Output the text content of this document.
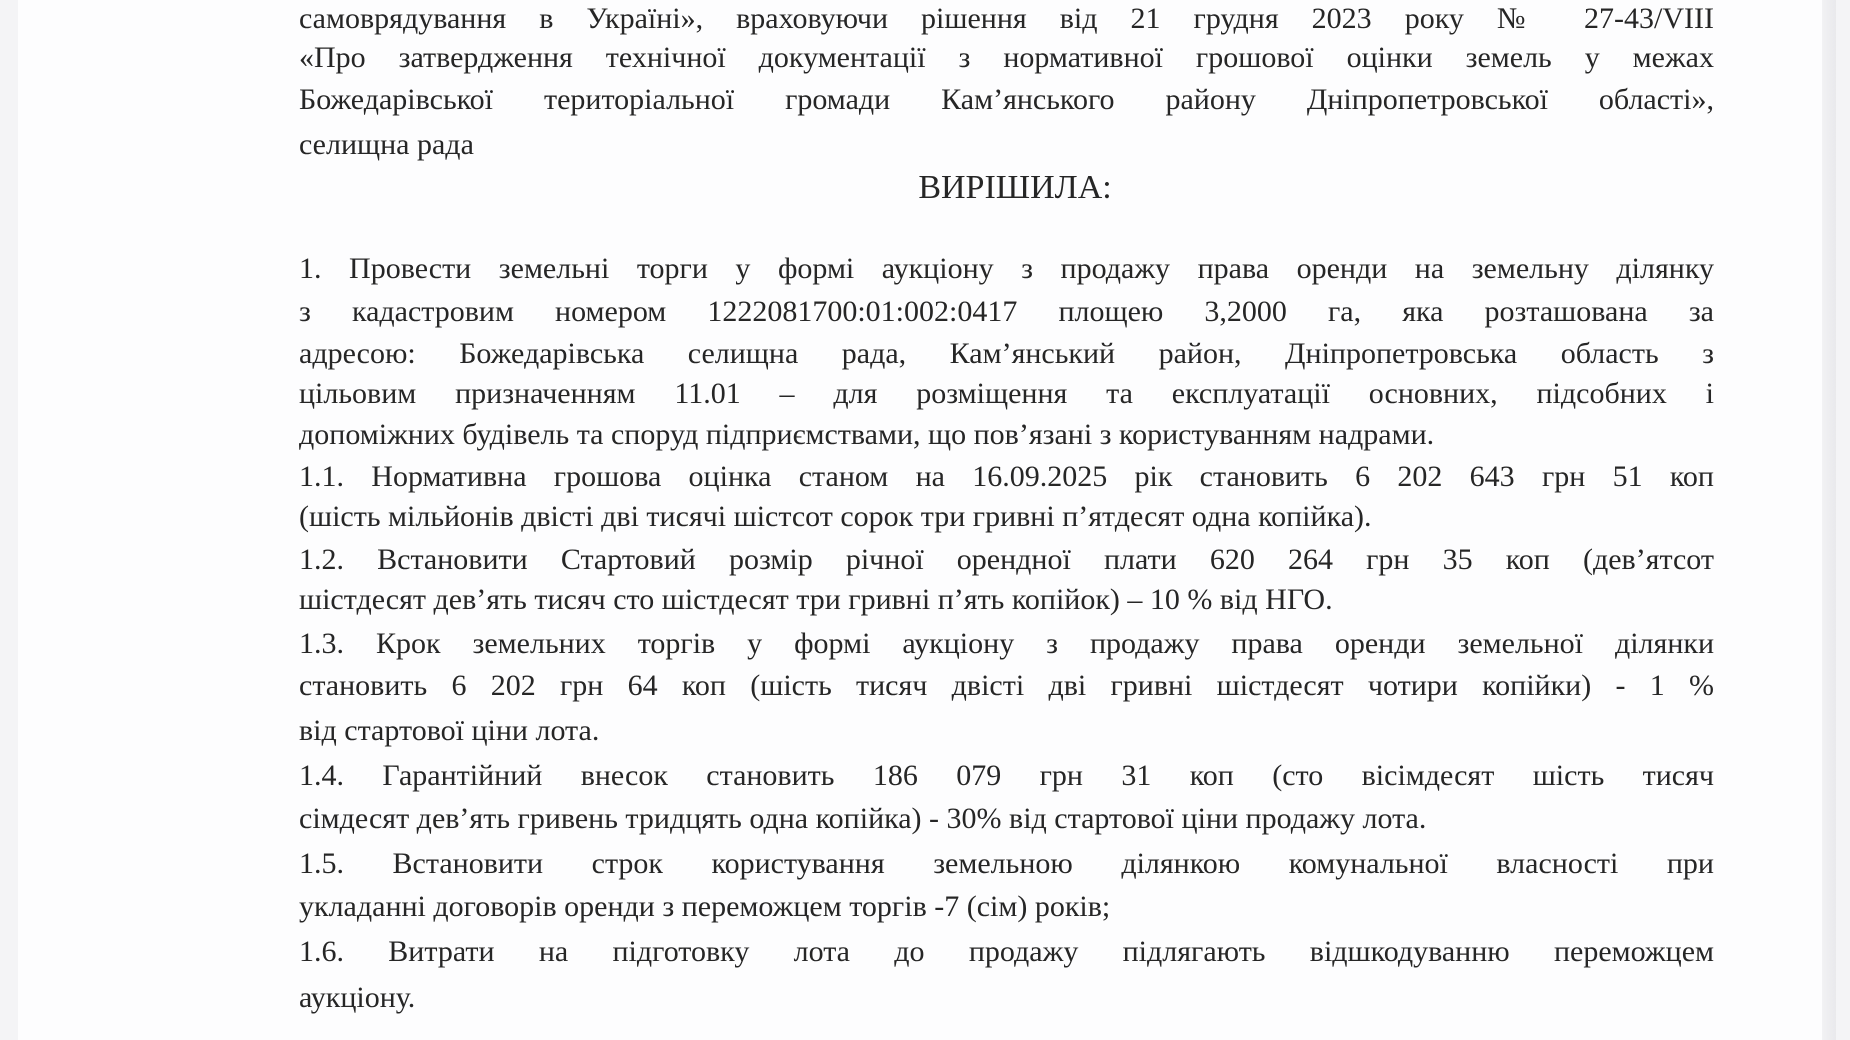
ВИРІШИЛА:
самоврядування в Україні», враховуючи рішення від 21 грудня 2023 року № 27-43/VIII
«Про затвердження технічної документації з нормативної грошової оцінки земель у межах
Божедарівської територіальної громади Кам’янського району Дніпропетровської області»,
селищна рада
1. Провести земельні торги у формі аукціону з продажу права оренди на земельну ділянку
з кадастровим номером 1222081700:01:002:0417 площею 3,2000 га, яка розташована за
адресою: Божедарівська селищна рада, Кам’янський район, Дніпропетровська область з
цільовим призначенням 11.01 – для розміщення та експлуатації основних, підсобних і
допоміжних будівель та споруд підприємствами, що пов’язані з користуванням надрами.
1.1. Нормативна грошова оцінка станом на 16.09.2025 рік становить 6 202 643 грн 51 коп
(шість мільйонів двісті дві тисячі шістсот сорок три гривні п’ятдесят одна копійка).
1.2. Встановити Стартовий розмір річної орендної плати 620 264 грн 35 коп (дев’ятсот
шістдесят дев’ять тисяч сто шістдесят три гривні п’ять копійок) – 10 % від НГО.
1.3. Крок земельних торгів у формі аукціону з продажу права оренди земельної ділянки
становить 6 202 грн 64 коп (шість тисяч двісті дві гривні шістдесят чотири копійки) - 1 %
від стартової ціни лота.
1.4. Гарантійний внесок становить 186 079 грн 31 коп (сто вісімдесят шість тисяч
сімдесят дев’ять гривень тридцять одна копійка) - 30% від стартової ціни продажу лота.
1.5. Встановити строк користування земельною ділянкою комунальної власності при
укладанні договорів оренди з переможцем торгів -7 (сім) років;
1.6. Витрати на підготовку лота до продажу підлягають відшкодуванню переможцем
аукціону.
